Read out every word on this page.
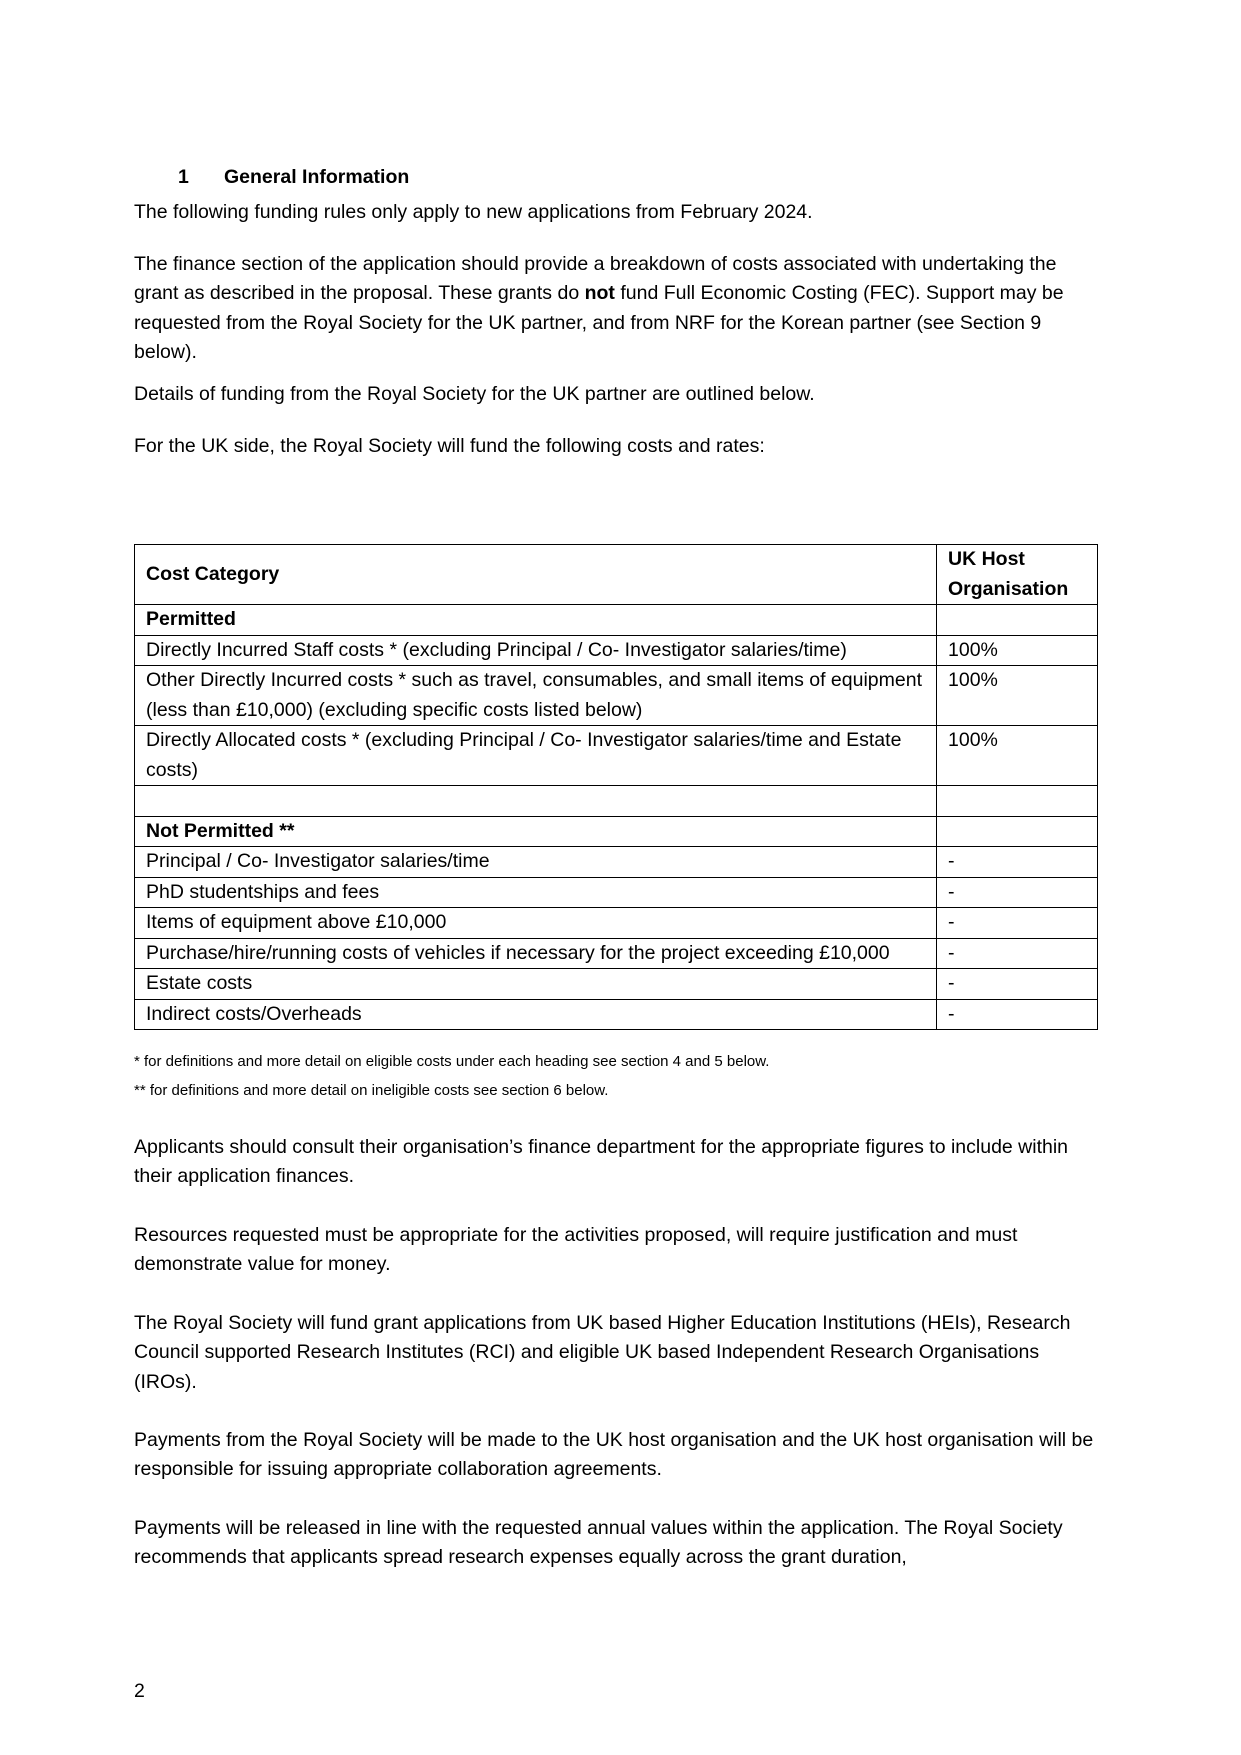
1 General Information

The following funding rules only apply to new applications from February 2024.

The finance section of the application should provide a breakdown of costs associated with undertaking the grant as described in the proposal. These grants do not fund Full Economic Costing (FEC). Support may be requested from the Royal Society for the UK partner, and from NRF for the Korean partner (see Section 9 below).

Details of funding from the Royal Society for the UK partner are outlined below.

For the UK side, the Royal Society will fund the following costs and rates:

Cost Category	UK Host Organisation
Permitted	
Directly Incurred Staff costs * (excluding Principal / Co- Investigator salaries/time)	100%
Other Directly Incurred costs * such as travel, consumables, and small items of equipment (less than £10,000) (excluding specific costs listed below)	100%
Directly Allocated costs * (excluding Principal / Co- Investigator salaries/time and Estate costs)	100%

Not Permitted **	
Principal / Co- Investigator salaries/time	-
PhD studentships and fees	-
Items of equipment above £10,000	-
Purchase/hire/running costs of vehicles if necessary for the project exceeding £10,000	-
Estate costs	-
Indirect costs/Overheads	-
* for definitions and more detail on eligible costs under each heading see section 4 and 5 below.
** for definitions and more detail on ineligible costs see section 6 below.

Applicants should consult their organisation’s finance department for the appropriate figures to include within their application finances.

Resources requested must be appropriate for the activities proposed, will require justification and must demonstrate value for money.

The Royal Society will fund grant applications from UK based Higher Education Institutions (HEIs), Research Council supported Research Institutes (RCI) and eligible UK based Independent Research Organisations (IROs).

Payments from the Royal Society will be made to the UK host organisation and the UK host organisation will be responsible for issuing appropriate collaboration agreements.

Payments will be released in line with the requested annual values within the application. The Royal Society recommends that applicants spread research expenses equally across the grant duration,

2
